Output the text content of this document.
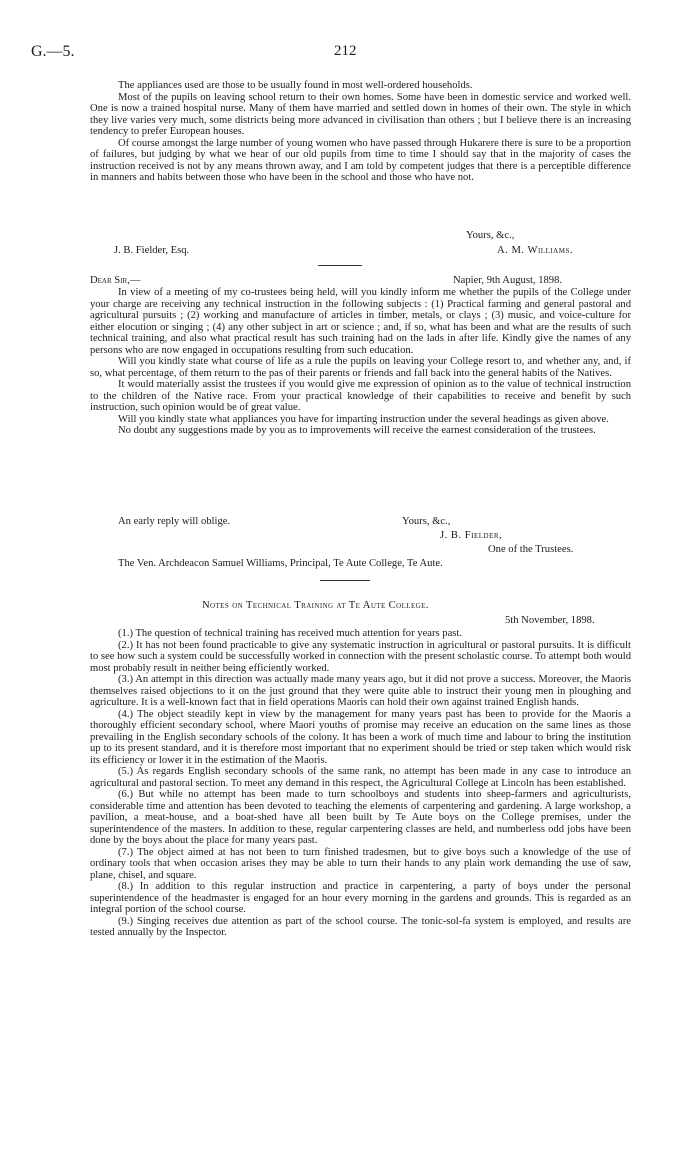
G.—5.	212

The appliances used are those to be usually found in most well-ordered households.

Most of the pupils on leaving school return to their own homes. Some have been in domestic service and worked well. One is now a trained hospital nurse. Many of them have married and settled down in homes of their own. The style in which they live varies very much, some districts being more advanced in civilisation than others ; but I believe there is an increasing tendency to prefer European houses.

Of course amongst the large number of young women who have passed through Hukarere there is sure to be a proportion of failures, but judging by what we hear of our old pupils from time to time I should say that in the majority of cases the instruction received is not by any means thrown away, and I am told by competent judges that there is a perceptible difference in manners and habits between those who have been in the school and those who have not.

Yours, &c.,
J. B. Fielder, Esq.	A. M. Williams.
Dear Sir,—	Napier, 9th August, 1898.

In view of a meeting of my co-trustees being held, will you kindly inform me whether the pupils of the College under your charge are receiving any technical instruction in the following subjects : (1) Practical farming and general pastoral and agricultural pursuits ; (2) working and manufacture of articles in timber, metals, or clays ; (3) music, and voice-culture for either elocution or singing ; (4) any other subject in art or science ; and, if so, what has been and what are the results of such technical training, and also what practical result has such training had on the lads in after life. Kindly give the names of any persons who are now engaged in occupations resulting from such education.

Will you kindly state what course of life as a rule the pupils on leaving your College resort to, and whether any, and, if so, what percentage, of them return to the pas of their parents or friends and fall back into the general habits of the Natives.

It would materially assist the trustees if you would give me expression of opinion as to the value of technical instruction to the children of the Native race. From your practical knowledge of their capabilities to receive and benefit by such instruction, such opinion would be of great value.

Will you kindly state what appliances you have for imparting instruction under the several headings as given above.

No doubt any suggestions made by you as to improvements will receive the earnest consideration of the trustees.

An early reply will oblige.	Yours, &c.,
J. B. Fielder,
One of the Trustees.
The Ven. Archdeacon Samuel Williams, Principal, Te Aute College, Te Aute.
Notes on Technical Training at Te Aute College.
5th November, 1898.

(1.) The question of technical training has received much attention for years past.

(2.) It has not been found practicable to give any systematic instruction in agricultural or pastoral pursuits. It is difficult to see how such a system could be successfully worked in connection with the present scholastic course. To attempt both would most probably result in neither being efficiently worked.

(3.) An attempt in this direction was actually made many years ago, but it did not prove a success. Moreover, the Maoris themselves raised objections to it on the just ground that they were quite able to instruct their young men in ploughing and agriculture. It is a well-known fact that in field operations Maoris can hold their own against trained English hands.

(4.) The object steadily kept in view by the management for many years past has been to provide for the Maoris a thoroughly efficient secondary school, where Maori youths of promise may receive an education on the same lines as those prevailing in the English secondary schools of the colony. It has been a work of much time and labour to bring the institution up to its present standard, and it is therefore most important that no experiment should be tried or step taken which would risk its efficiency or lower it in the estimation of the Maoris.

(5.) As regards English secondary schools of the same rank, no attempt has been made in any case to introduce an agricultural and pastoral section. To meet any demand in this respect, the Agricultural College at Lincoln has been established.

(6.) But while no attempt has been made to turn schoolboys and students into sheep-farmers and agriculturists, considerable time and attention has been devoted to teaching the elements of carpentering and gardening. A large workshop, a pavilion, a meat-house, and a boat-shed have all been built by Te Aute boys on the College premises, under the superintendence of the masters. In addition to these, regular carpentering classes are held, and numberless odd jobs have been done by the boys about the place for many years past.

(7.) The object aimed at has not been to turn finished tradesmen, but to give boys such a knowledge of the use of ordinary tools that when occasion arises they may be able to turn their hands to any plain work demanding the use of saw, plane, chisel, and square.

(8.) In addition to this regular instruction and practice in carpentering, a party of boys under the personal superintendence of the headmaster is engaged for an hour every morning in the gardens and grounds. This is regarded as an integral portion of the school course.

(9.) Singing receives due attention as part of the school course. The tonic-sol-fa system is employed, and results are tested annually by the Inspector.
